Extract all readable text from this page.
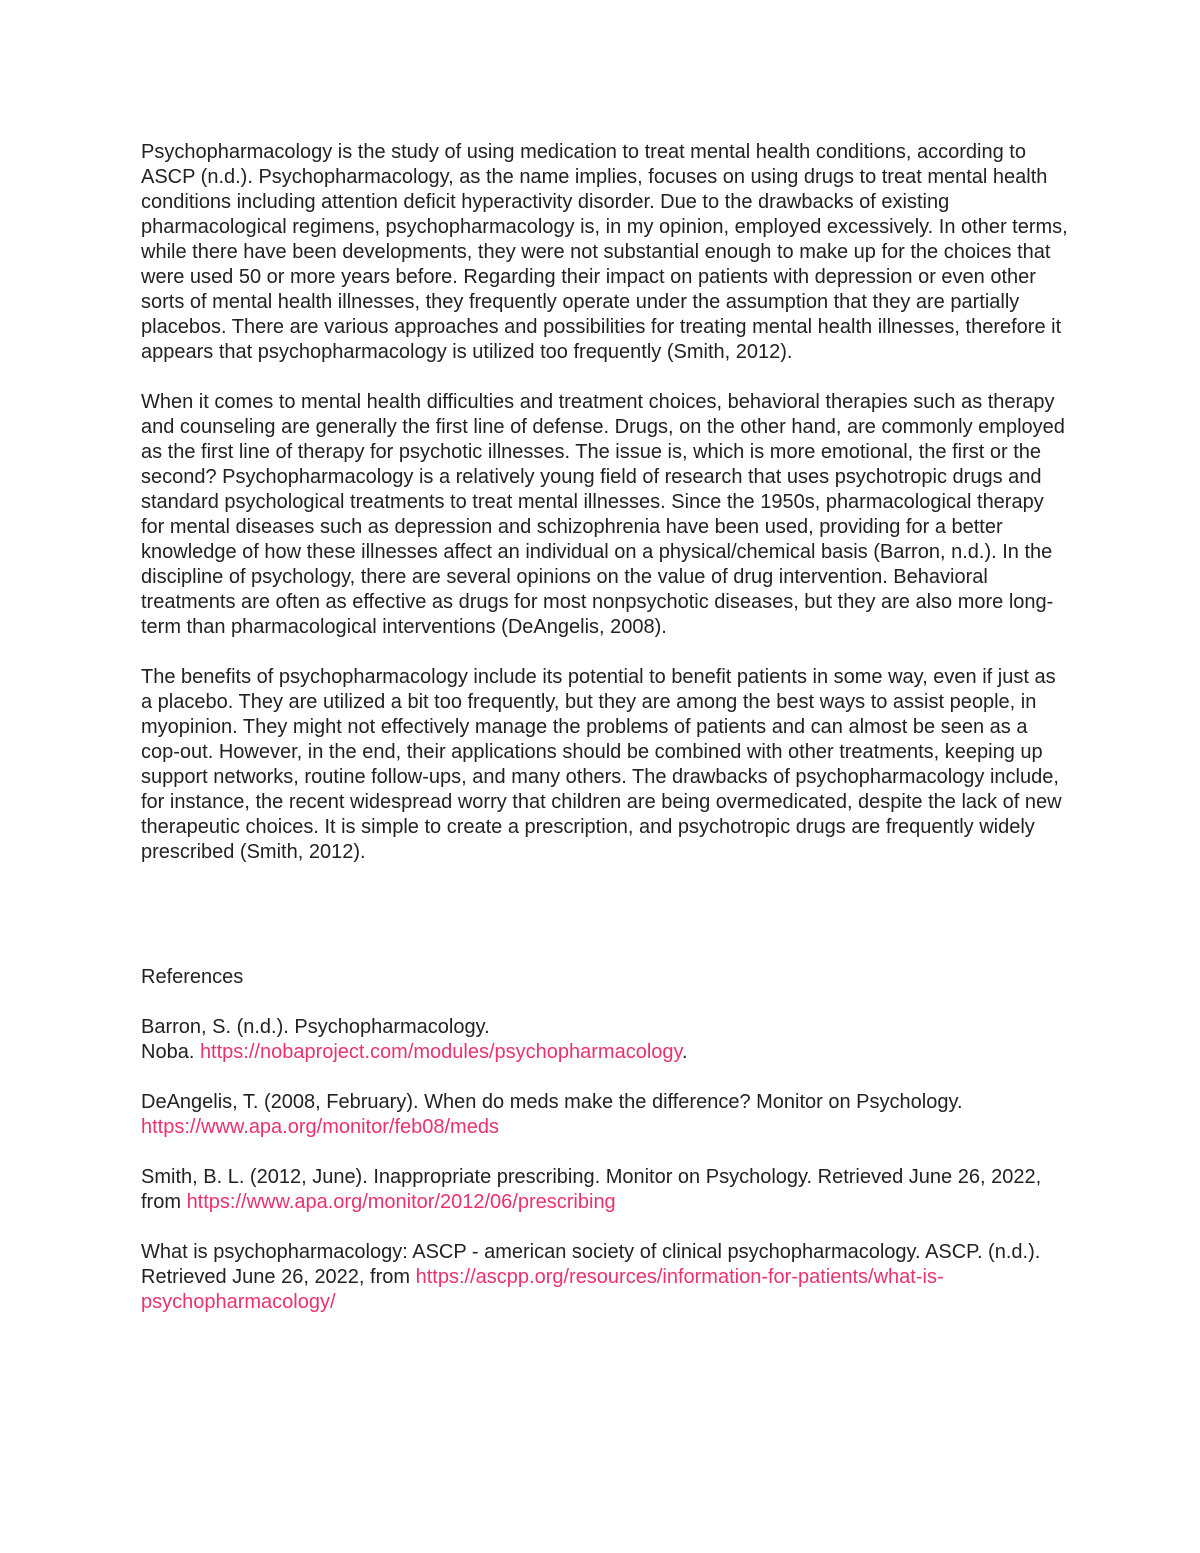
Psychopharmacology is the study of using medication to treat mental health conditions, according to ASCP (n.d.). Psychopharmacology, as the name implies, focuses on using drugs to treat mental health conditions including attention deficit hyperactivity disorder. Due to the drawbacks of existing pharmacological regimens, psychopharmacology is, in my opinion, employed excessively. In other terms, while there have been developments, they were not substantial enough to make up for the choices that were used 50 or more years before. Regarding their impact on patients with depression or even other sorts of mental health illnesses, they frequently operate under the assumption that they are partially placebos. There are various approaches and possibilities for treating mental health illnesses, therefore it appears that psychopharmacology is utilized too frequently (Smith, 2012).

When it comes to mental health difficulties and treatment choices, behavioral therapies such as therapy and counseling are generally the first line of defense. Drugs, on the other hand, are commonly employed as the first line of therapy for psychotic illnesses. The issue is, which is more emotional, the first or the second? Psychopharmacology is a relatively young field of research that uses psychotropic drugs and standard psychological treatments to treat mental illnesses. Since the 1950s, pharmacological therapy for mental diseases such as depression and schizophrenia have been used, providing for a better knowledge of how these illnesses affect an individual on a physical/chemical basis (Barron, n.d.). In the discipline of psychology, there are several opinions on the value of drug intervention. Behavioral treatments are often as effective as drugs for most nonpsychotic diseases, but they are also more long-term than pharmacological interventions (DeAngelis, 2008).

The benefits of psychopharmacology include its potential to benefit patients in some way, even if just as a placebo. They are utilized a bit too frequently, but they are among the best ways to assist people, in myopinion. They might not effectively manage the problems of patients and can almost be seen as a cop-out. However, in the end, their applications should be combined with other treatments, keeping up support networks, routine follow-ups, and many others. The drawbacks of psychopharmacology include, for instance, the recent widespread worry that children are being overmedicated, despite the lack of new therapeutic choices. It is simple to create a prescription, and psychotropic drugs are frequently widely prescribed (Smith, 2012).

References

Barron, S. (n.d.). Psychopharmacology.
Noba. https://nobaproject.com/modules/psychopharmacology.

DeAngelis, T. (2008, February). When do meds make the difference? Monitor on Psychology. https://www.apa.org/monitor/feb08/meds

Smith, B. L. (2012, June). Inappropriate prescribing. Monitor on Psychology. Retrieved June 26, 2022, from https://www.apa.org/monitor/2012/06/prescribing

What is psychopharmacology: ASCP - american society of clinical psychopharmacology. ASCP. (n.d.). Retrieved June 26, 2022, from https://ascpp.org/resources/information-for-patients/what-is-psychopharmacology/
